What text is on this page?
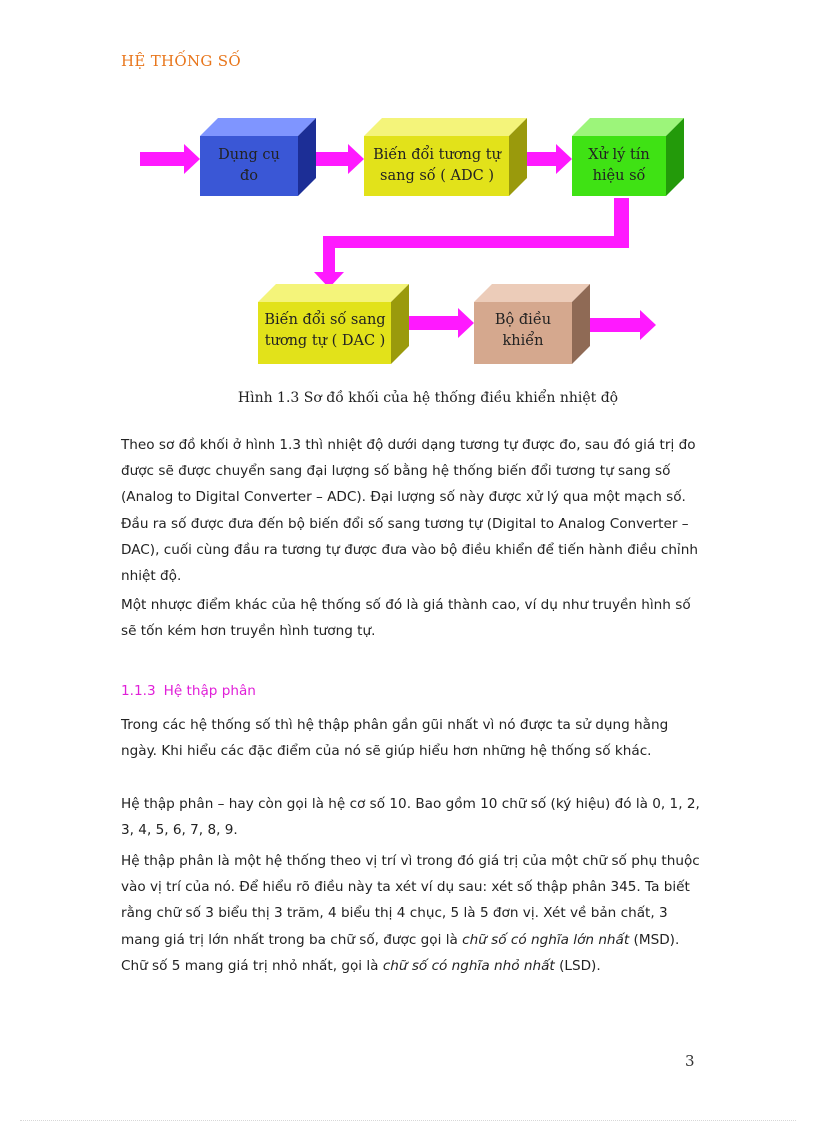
HỆ THỐNG SỐ
Dụng cụ
đo
Biến đổi tương tự
sang số ( ADC )
Xử lý tín
hiệu số
Biến đổi số sang
tương tự ( DAC )
Bộ điều
khiển
Hình 1.3 Sơ đồ khối của hệ thống điều khiển nhiệt độ

Theo sơ đồ khối ở hình 1.3 thì nhiệt độ dưới dạng tương tự được đo, sau đó giá trị đo được sẽ được chuyển sang đại lượng số bằng hệ thống biến đổi tương tự sang số (Analog to Digital Converter – ADC). Đại lượng số này được xử lý qua một mạch số. Đầu ra số được đưa đến bộ biến đổi số sang tương tự (Digital to Analog Converter – DAC), cuối cùng đầu ra tương tự được đưa vào bộ điều khiển để tiến hành điều chỉnh nhiệt độ.

Một nhược điểm khác của hệ thống số đó là giá thành cao, ví dụ như truyền hình số sẽ tốn kém hơn truyền hình tương tự.

1.1.3 Hệ thập phân

Trong các hệ thống số thì hệ thập phân gần gũi nhất vì nó được ta sử dụng hằng ngày. Khi hiểu các đặc điểm của nó sẽ giúp hiểu hơn những hệ thống số khác.

Hệ thập phân – hay còn gọi là hệ cơ số 10. Bao gồm 10 chữ số (ký hiệu) đó là 0, 1, 2, 3, 4, 5, 6, 7, 8, 9.

Hệ thập phân là một hệ thống theo vị trí vì trong đó giá trị của một chữ số phụ thuộc vào vị trí của nó. Để hiểu rõ điều này ta xét ví dụ sau: xét số thập phân 345. Ta biết rằng chữ số 3 biểu thị 3 trăm, 4 biểu thị 4 chục, 5 là 5 đơn vị. Xét về bản chất, 3 mang giá trị lớn nhất trong ba chữ số, được gọi là chữ số có nghĩa lớn nhất (MSD). Chữ số 5 mang giá trị nhỏ nhất, gọi là chữ số có nghĩa nhỏ nhất (LSD).

3
